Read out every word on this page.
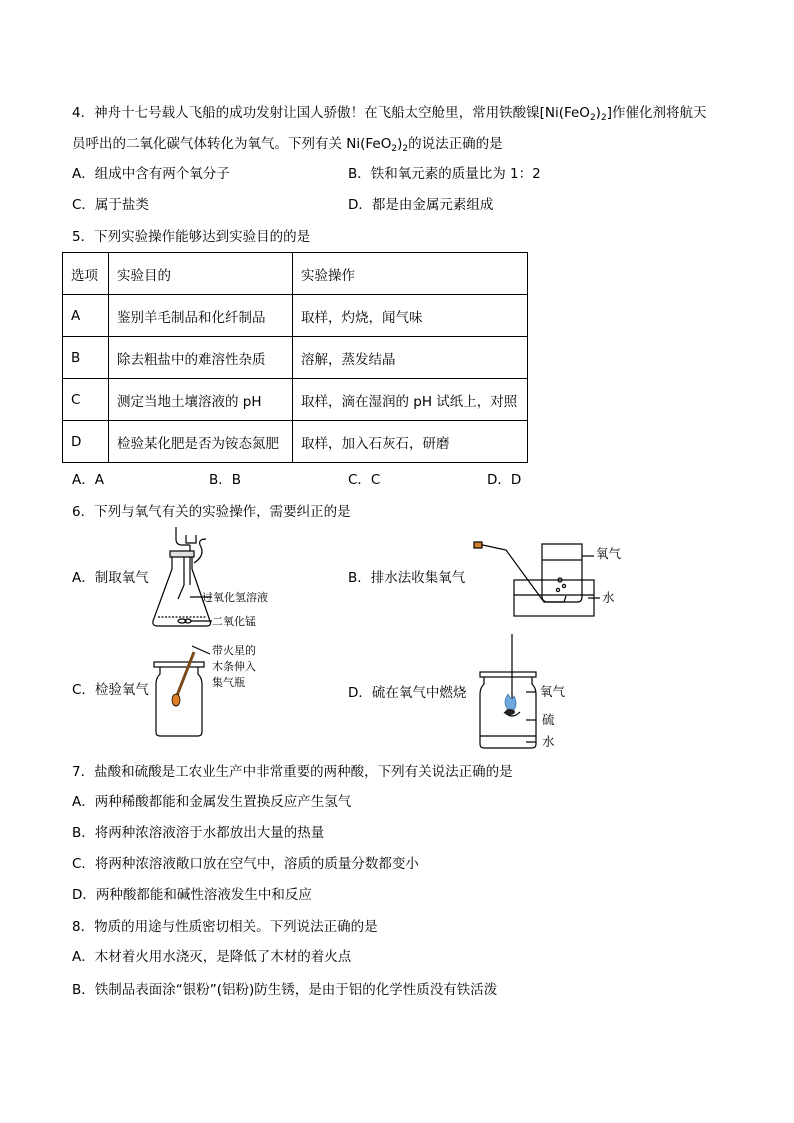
4．神舟十七号载人飞船的成功发射让国人骄傲！在飞船太空舱里，常用铁酸镍$[Ni(FeO_2)_2]$作催化剂将航天
员呼出的二氧化碳气体转化为氧气。下列有关 $Ni(FeO_2)_2$的说法正确的是
A．组成中含有两个氧分子	B．铁和氧元素的质量比为 1：2
C．属于盐类	D．都是由金属元素组成
5．下列实验操作能够达到实验目的的是
选项	实验目的	实验操作
A	鉴别羊毛制品和化纤制品	取样，灼烧，闻气味
B	除去粗盐中的难溶性杂质	溶解，蒸发结晶
C	测定当地土壤溶液的 pH	取样，滴在湿润的 pH 试纸上，对照
D	检验某化肥是否为铵态氮肥	取样，加入石灰石，研磨
A．A	B．B	C．C	D．D
6．下列与氧气有关的实验操作，需要纠正的是
A．制取氧气
过氧化氢溶液
二氧化锰
B．排水法收集氧气
氧气
水
C．检验氧气
带火星的
木条伸入
集气瓶
D．硫在氧气中燃烧	氧气
硫
水
7．盐酸和硫酸是工农业生产中非常重要的两种酸，下列有关说法正确的是
A．两种稀酸都能和金属发生置换反应产生氢气
B．将两种浓溶液溶于水都放出大量的热量
C．将两种浓溶液敞口放在空气中，溶质的质量分数都变小
D．两种酸都能和碱性溶液发生中和反应
8．物质的用途与性质密切相关。下列说法正确的是
A．木材着火用水浇灭，是降低了木材的着火点
B．铁制品表面涂“银粉”(铝粉)防生锈，是由于铝的化学性质没有铁活泼
